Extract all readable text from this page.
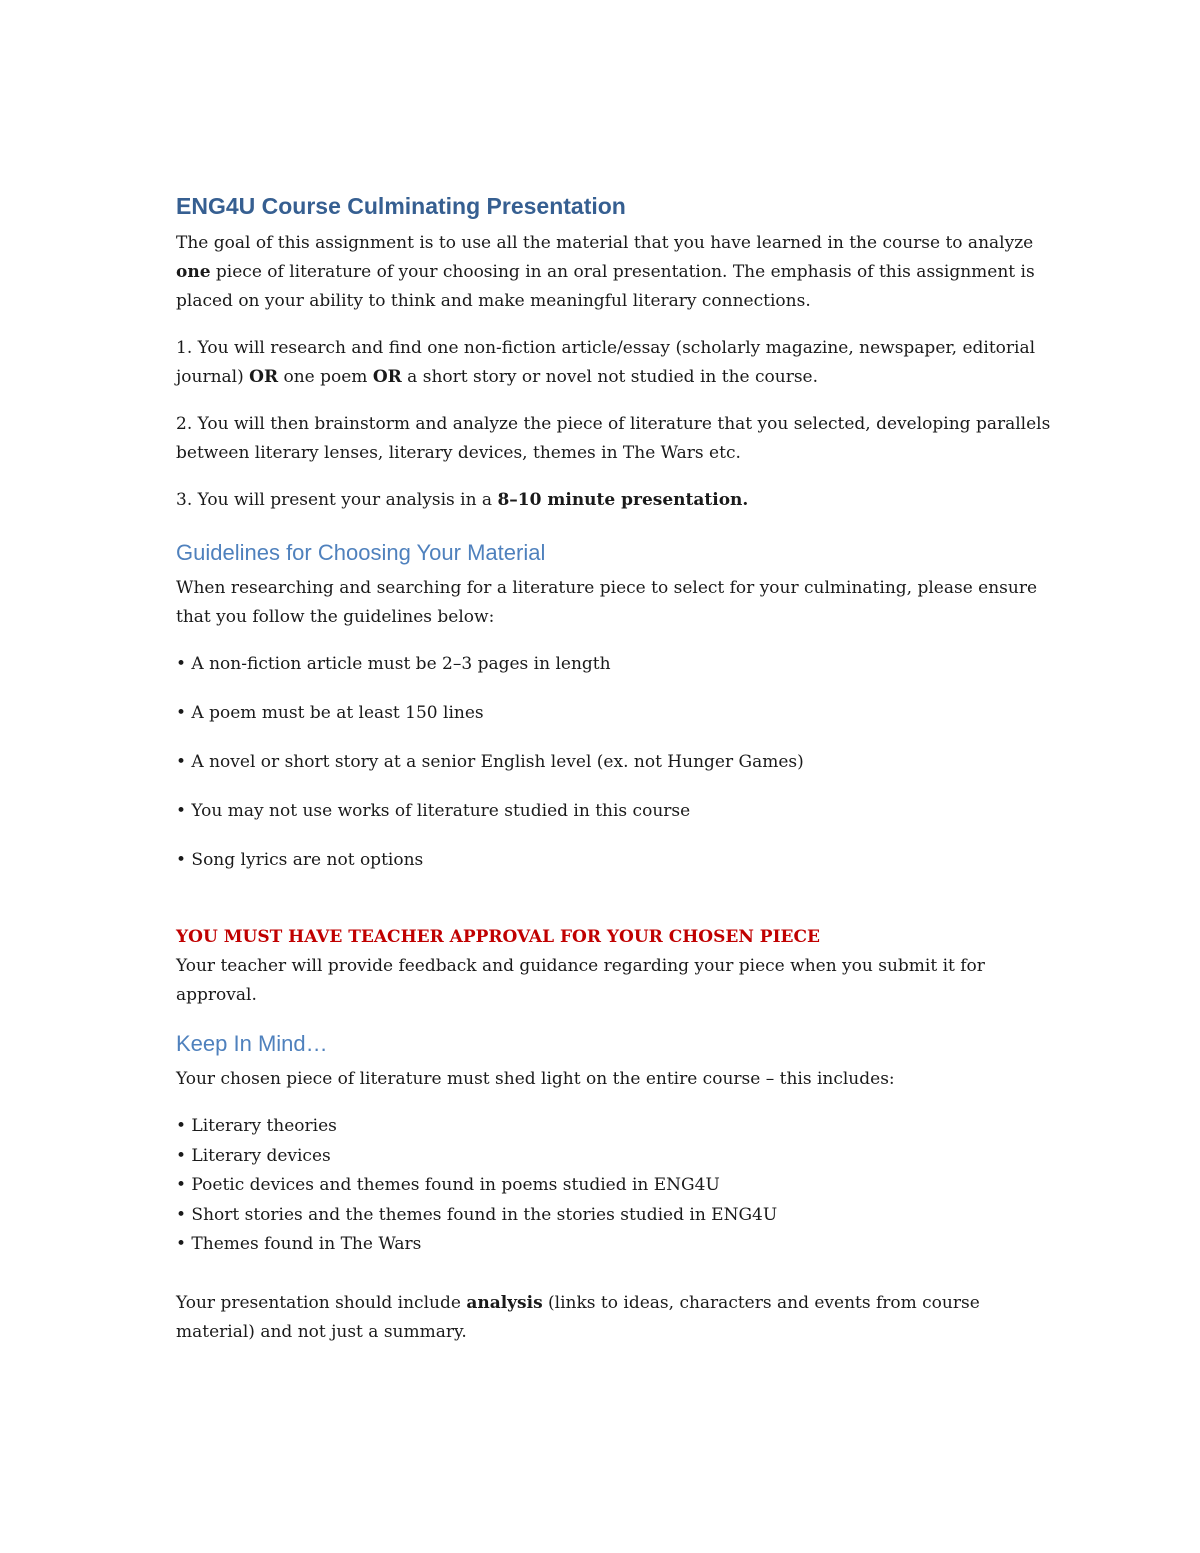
ENG4U Course Culminating Presentation
The goal of this assignment is to use all the material that you have learned in the course to analyze one piece of literature of your choosing in an oral presentation. The emphasis of this assignment is placed on your ability to think and make meaningful literary connections.
1. You will research and find one non-fiction article/essay (scholarly magazine, newspaper, editorial journal) OR one poem OR a short story or novel not studied in the course.
2. You will then brainstorm and analyze the piece of literature that you selected, developing parallels between literary lenses, literary devices, themes in The Wars etc.
3. You will present your analysis in a 8–10 minute presentation.
Guidelines for Choosing Your Material
When researching and searching for a literature piece to select for your culminating, please ensure that you follow the guidelines below:
• A non-fiction article must be 2–3 pages in length
• A poem must be at least 150 lines
• A novel or short story at a senior English level (ex. not Hunger Games)
• You may not use works of literature studied in this course
• Song lyrics are not options
YOU MUST HAVE TEACHER APPROVAL FOR YOUR CHOSEN PIECE
Your teacher will provide feedback and guidance regarding your piece when you submit it for approval.
Keep In Mind…
Your chosen piece of literature must shed light on the entire course – this includes:
• Literary theories
• Literary devices
• Poetic devices and themes found in poems studied in ENG4U
• Short stories and the themes found in the stories studied in ENG4U
• Themes found in The Wars
Your presentation should include analysis (links to ideas, characters and events from course material) and not just a summary.
